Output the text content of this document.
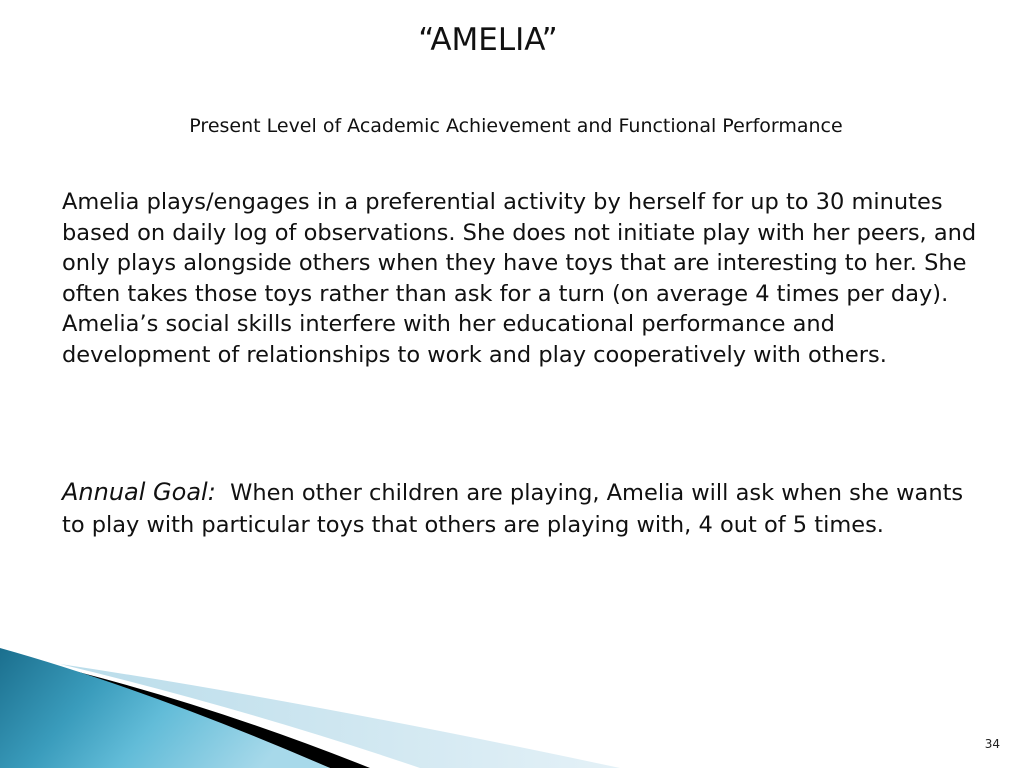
“AMELIA”
Present Level of Academic Achievement and Functional Performance

Amelia plays/engages in a preferential activity by herself for up to 30 minutes based on daily log of observations. She does not initiate play with her peers, and only plays alongside others when they have toys that are interesting to her. She often takes those toys rather than ask for a turn (on average 4 times per day). Amelia’s social skills interfere with her educational performance and development of relationships to work and play cooperatively with others.

Annual Goal: When other children are playing, Amelia will ask when she wants to play with particular toys that others are playing with, 4 out of 5 times.

34
